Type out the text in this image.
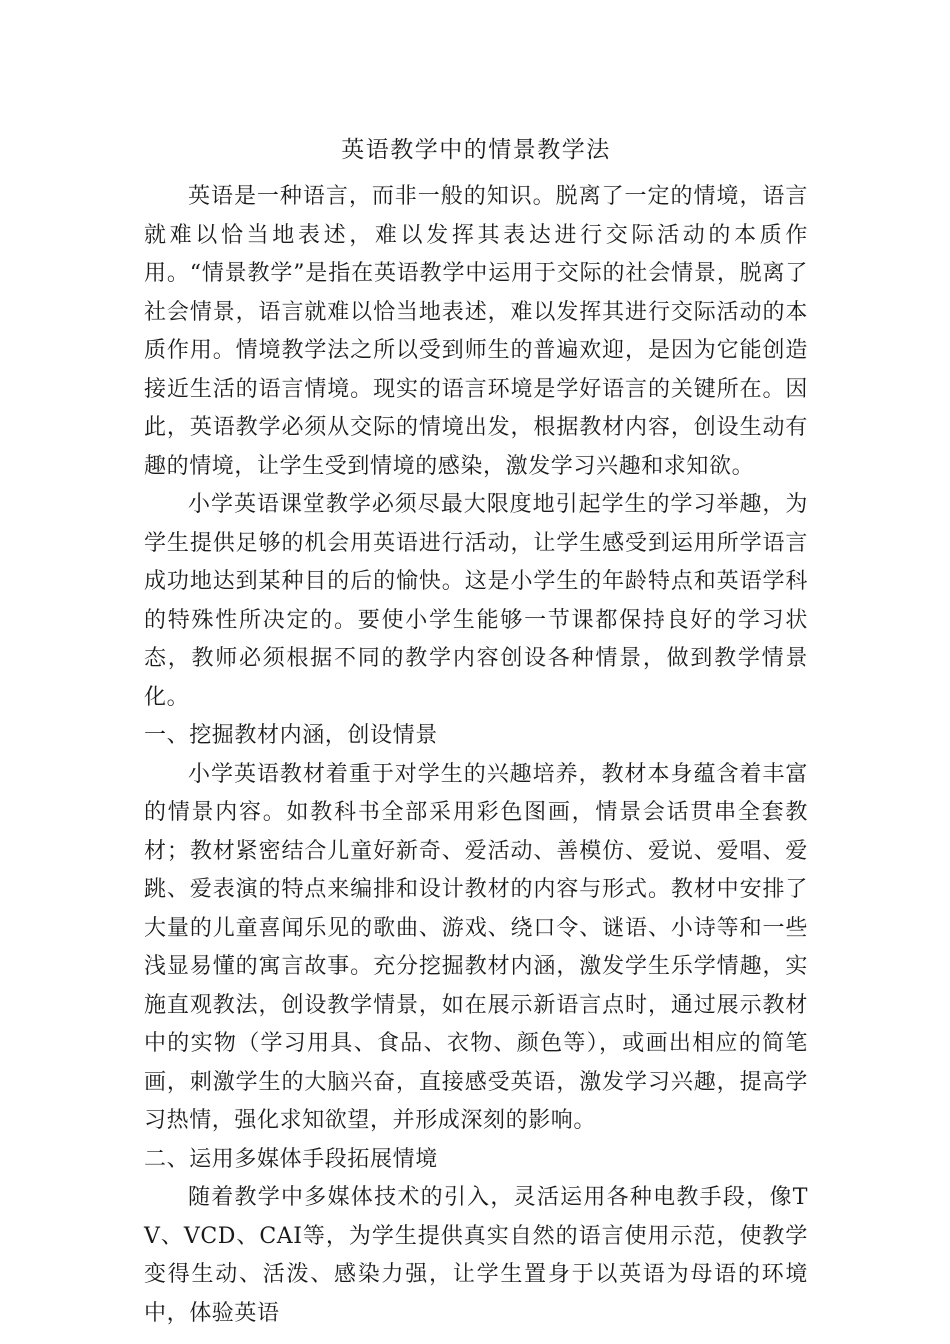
英语教学中的情景教学法

英语是一种语言，而非一般的知识。脱离了一定的情境，语言就难以恰当地表述，难以发挥其表达进行交际活动的本质作用。“情景教学”是指在英语教学中运用于交际的社会情景，脱离了社会情景，语言就难以恰当地表述，难以发挥其进行交际活动的本质作用。情境教学法之所以受到师生的普遍欢迎，是因为它能创造接近生活的语言情境。现实的语言环境是学好语言的关键所在。因此，英语教学必须从交际的情境出发，根据教材内容，创设生动有趣的情境，让学生受到情境的感染，激发学习兴趣和求知欲。

小学英语课堂教学必须尽最大限度地引起学生的学习举趣，为学生提供足够的机会用英语进行活动，让学生感受到运用所学语言成功地达到某种目的后的愉快。这是小学生的年龄特点和英语学科的特殊性所决定的。要使小学生能够一节课都保持良好的学习状态，教师必须根据不同的教学内容创设各种情景，做到教学情景化。

一、挖掘教材内涵，创设情景

小学英语教材着重于对学生的兴趣培养，教材本身蕴含着丰富的情景内容。如教科书全部采用彩色图画，情景会话贯串全套教材；教材紧密结合儿童好新奇、爱活动、善模仿、爱说、爱唱、爱跳、爱表演的特点来编排和设计教材的内容与形式。教材中安排了大量的儿童喜闻乐见的歌曲、游戏、绕口令、谜语、小诗等和一些浅显易懂的寓言故事。充分挖掘教材内涵，激发学生乐学情趣，实施直观教法，创设教学情景，如在展示新语言点时，通过展示教材中的实物（学习用具、食品、衣物、颜色等），或画出相应的简笔画，刺激学生的大脑兴奋，直接感受英语，激发学习兴趣，提高学习热情，强化求知欲望，并形成深刻的影响。

二、运用多媒体手段拓展情境

随着教学中多媒体技术的引入，灵活运用各种电教手段，像TV、VCD、CAI等，为学生提供真实自然的语言使用示范，使教学变得生动、活泼、感染力强，让学生置身于以英语为母语的环境中，体验英语
